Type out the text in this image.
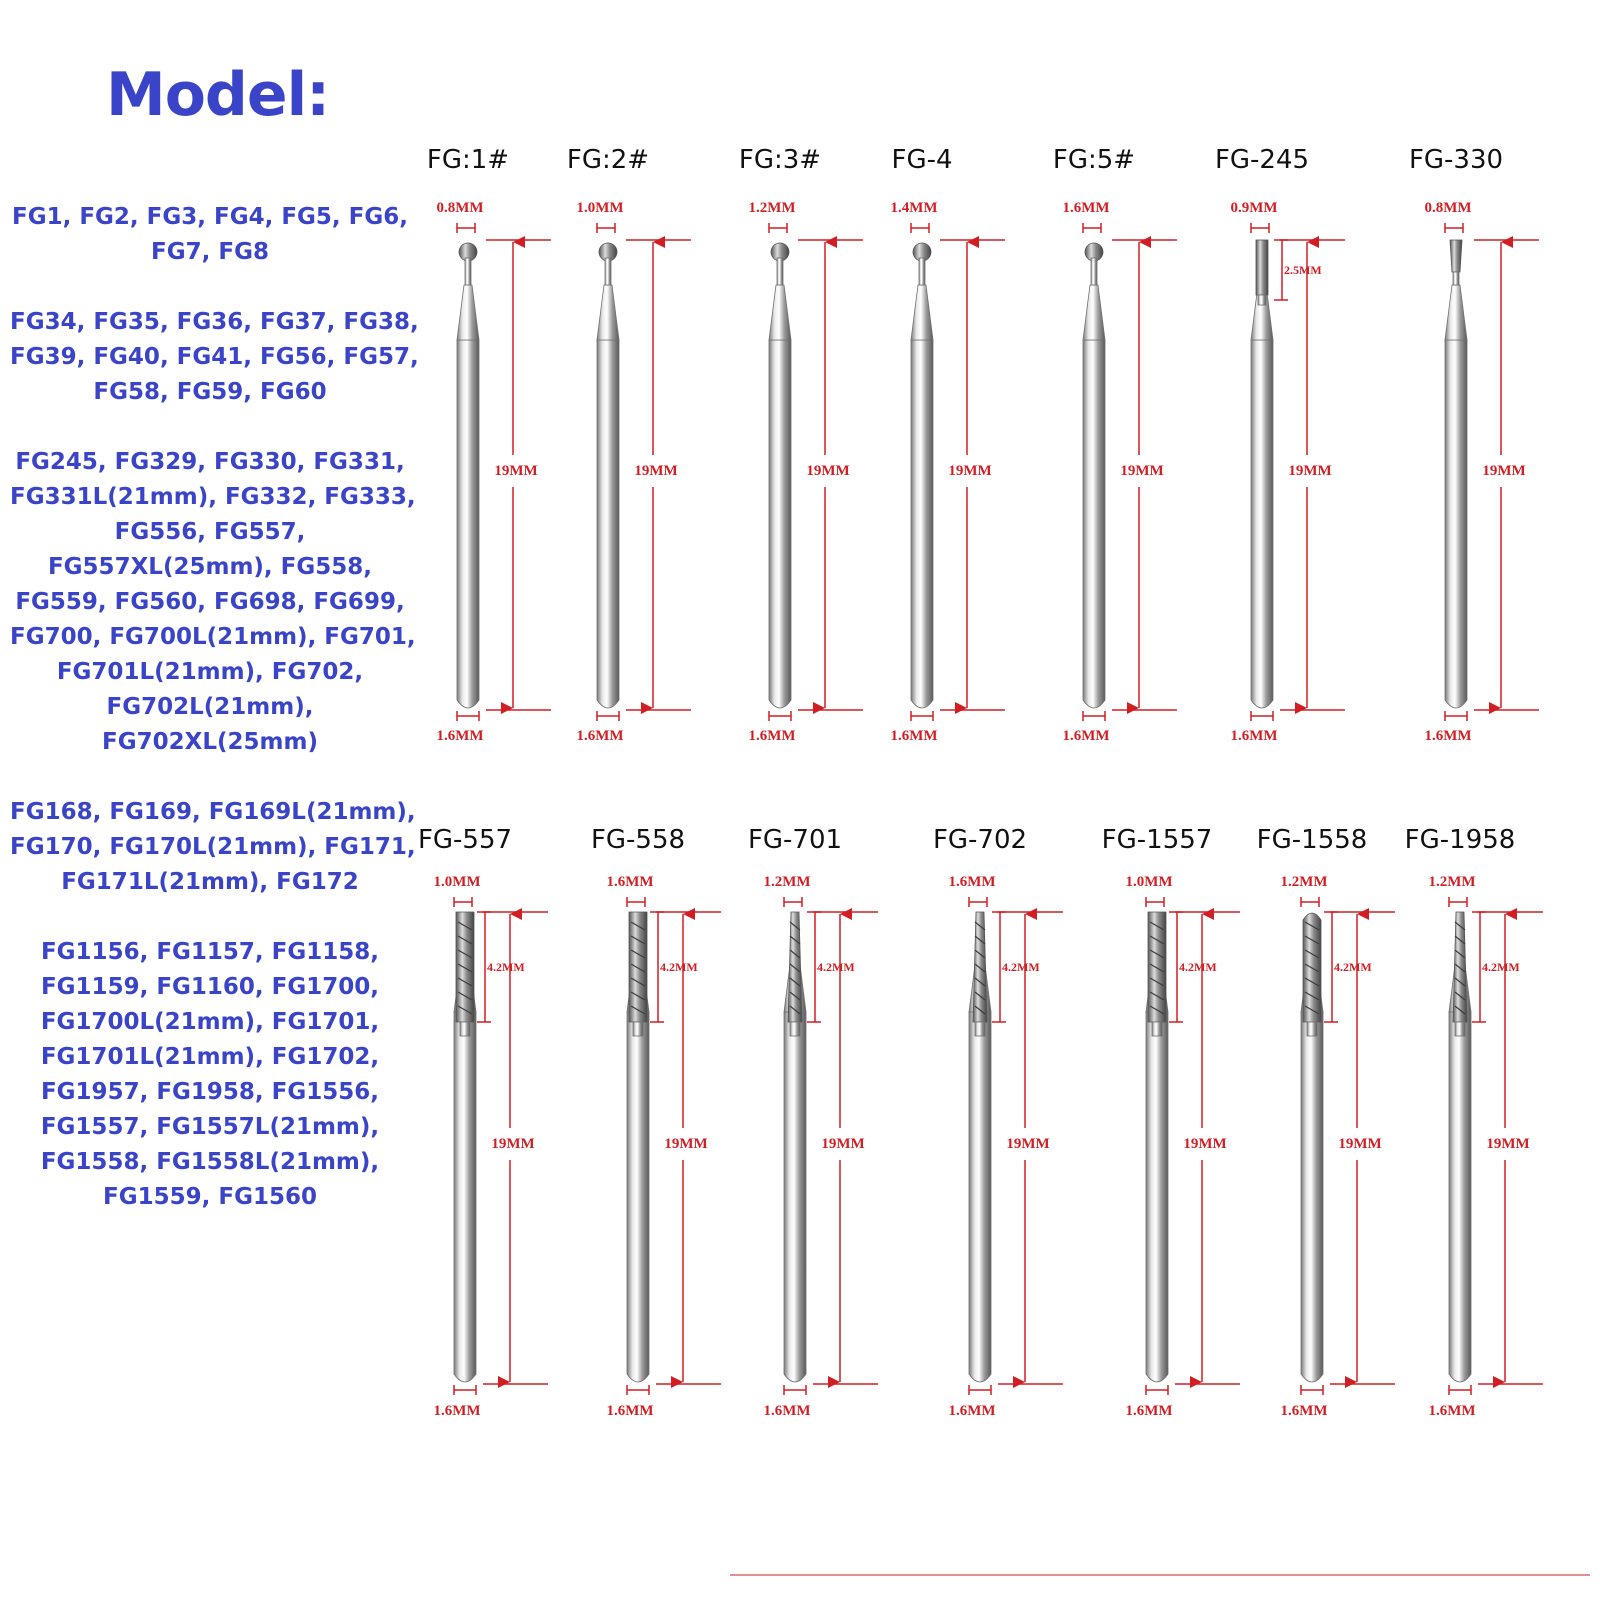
Model:
FG1, FG2, FG3, FG4, FG5, FG6,
FG7, FG8
FG34, FG35, FG36, FG37, FG38,
FG39, FG40, FG41, FG56, FG57,
FG58, FG59, FG60
FG245, FG329, FG330, FG331,
FG331L(21mm), FG332, FG333,
FG556, FG557,
FG557XL(25mm), FG558,
FG559, FG560, FG698, FG699,
FG700, FG700L(21mm), FG701,
FG701L(21mm), FG702,
FG702L(21mm),
FG702XL(25mm)
FG168, FG169, FG169L(21mm),
FG170, FG170L(21mm), FG171,
FG171L(21mm), FG172
FG1156, FG1157, FG1158,
FG1159, FG1160, FG1700,
FG1700L(21mm), FG1701,
FG1701L(21mm), FG1702,
FG1957, FG1958, FG1556,
FG1557, FG1557L(21mm),
FG1558, FG1558L(21mm),
FG1559, FG1560
FG:1#
0.8MM
19MM
1.6MM
FG:2#
1.0MM
19MM
1.6MM
FG:3#
1.2MM
19MM
1.6MM
FG-4
1.4MM
19MM
1.6MM
FG:5#
1.6MM
19MM
1.6MM
FG-245
0.9MM
2.5MM
19MM
1.6MM
FG-330
0.8MM
19MM
1.6MM
FG-557
1.0MM
4.2MM
19MM
1.6MM
FG-558
1.6MM
4.2MM
19MM
1.6MM
FG-701
1.2MM
4.2MM
19MM
1.6MM
FG-702
1.6MM
4.2MM
19MM
1.6MM
FG-1557
1.0MM
4.2MM
19MM
1.6MM
FG-1558
1.2MM
4.2MM
19MM
1.6MM
FG-1958
1.2MM
4.2MM
19MM
1.6MM
